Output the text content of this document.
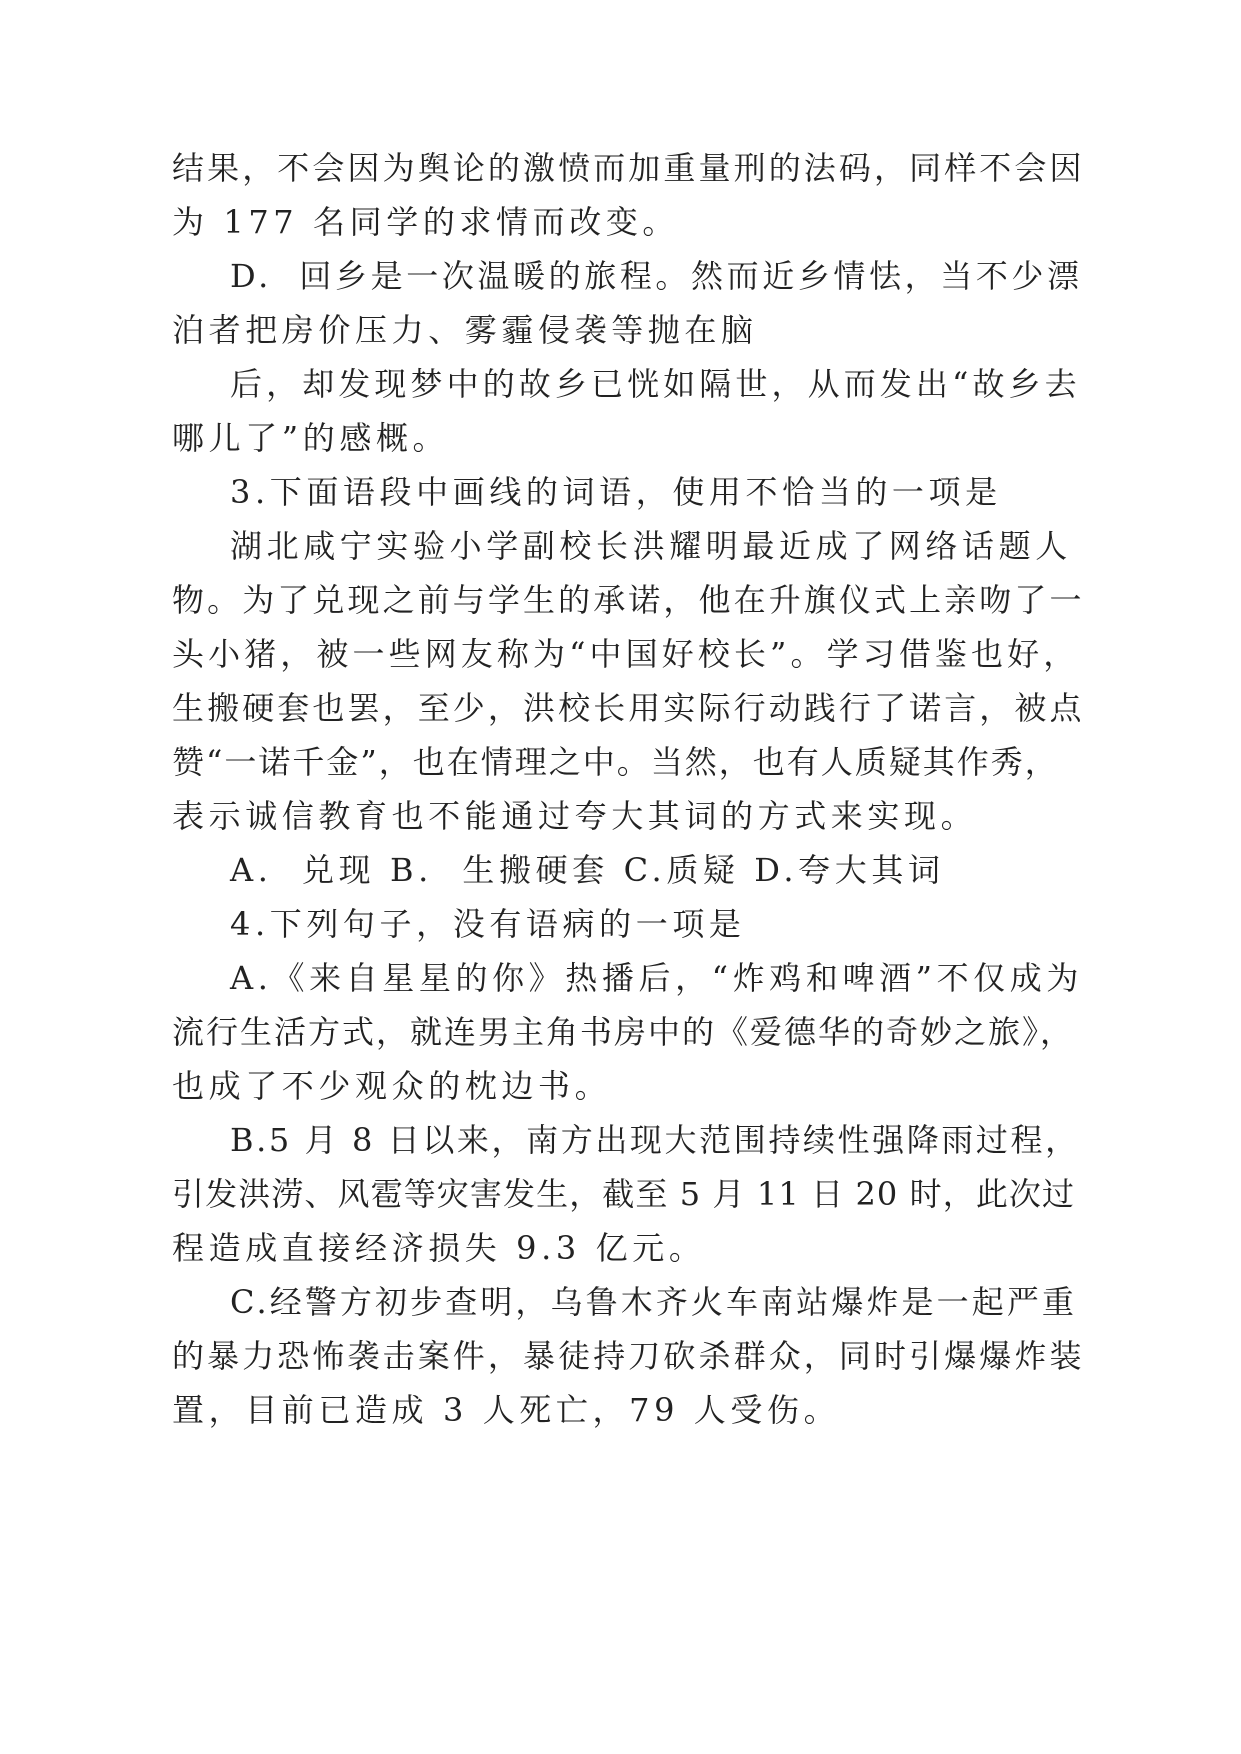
结果，不会因为舆论的激愤而加重量刑的法码，同样不会因
为 177 名同学的求情而改变。
D.  回乡是一次温暖的旅程。然而近乡情怯，当不少漂
泊者把房价压力、雾霾侵袭等抛在脑
后，却发现梦中的故乡已恍如隔世，从而发出“故乡去
哪儿了”的感概。
3.下面语段中画线的词语，使用不恰当的一项是
湖北咸宁实验小学副校长洪耀明最近成了网络话题人
物。为了兑现之前与学生的承诺，他在升旗仪式上亲吻了一
头小猪，被一些网友称为“中国好校长”。学习借鉴也好，
生搬硬套也罢，至少，洪校长用实际行动践行了诺言，被点
赞“一诺千金”，也在情理之中。当然，也有人质疑其作秀，
表示诚信教育也不能通过夸大其词的方式来实现。
A.  兑现 B.  生搬硬套 C.质疑 D.夸大其词
4.下列句子，没有语病的一项是
A.《来自星星的你》热播后，“炸鸡和啤酒”不仅成为
流行生活方式，就连男主角书房中的《爱德华的奇妙之旅》，
也成了不少观众的枕边书。
B.5 月 8 日以来，南方出现大范围持续性强降雨过程，
引发洪涝、风雹等灾害发生，截至 5 月 11 日 20 时，此次过
程造成直接经济损失 9.3 亿元。
C.经警方初步查明，乌鲁木齐火车南站爆炸是一起严重
的暴力恐怖袭击案件，暴徒持刀砍杀群众，同时引爆爆炸装
置，目前已造成 3 人死亡，79 人受伤。
